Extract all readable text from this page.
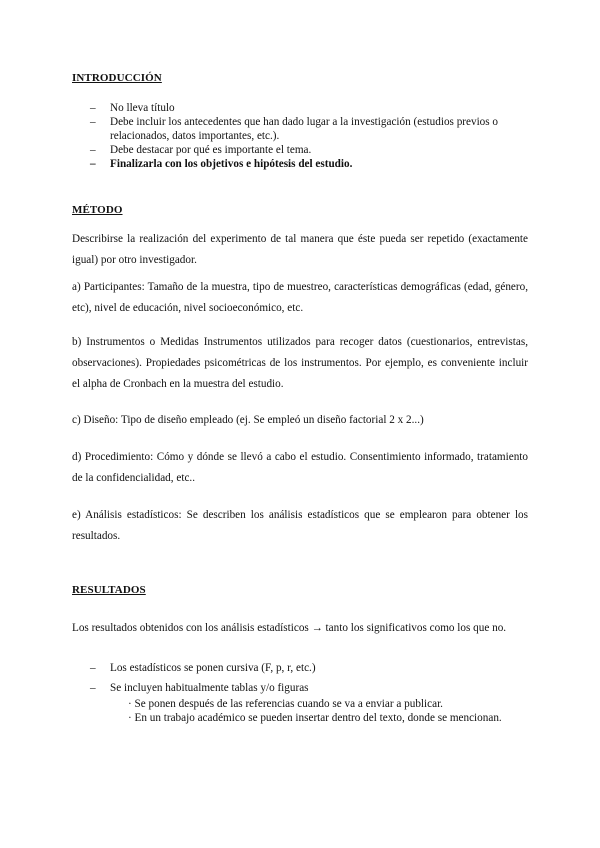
INTRODUCCIÓN
– No lleva título
– Debe incluir los antecedentes que han dado lugar a la investigación (estudios previos o relacionados, datos importantes, etc.).
– Debe destacar por qué es importante el tema.
– Finalizarla con los objetivos e hipótesis del estudio.
MÉTODO

Describirse la realización del experimento de tal manera que éste pueda ser repetido (exactamente igual) por otro investigador.

a) Participantes: Tamaño de la muestra, tipo de muestreo, características demográficas (edad, género, etc), nivel de educación, nivel socioeconómico, etc.

b) Instrumentos o Medidas Instrumentos utilizados para recoger datos (cuestionarios, entrevistas, observaciones). Propiedades psicométricas de los instrumentos. Por ejemplo, es conveniente incluir el alpha de Cronbach en la muestra del estudio.

c) Diseño: Tipo de diseño empleado (ej. Se empleó un diseño factorial 2 x 2...)

d) Procedimiento: Cómo y dónde se llevó a cabo el estudio. Consentimiento informado, tratamiento de la confidencialidad, etc..

e) Análisis estadísticos: Se describen los análisis estadísticos que se emplearon para obtener los resultados.

RESULTADOS

Los resultados obtenidos con los análisis estadísticos → tanto los significativos como los que no.

– Los estadísticos se ponen cursiva (F, p, r, etc.)
– Se incluyen habitualmente tablas y/o figuras
· Se ponen después de las referencias cuando se va a enviar a publicar.
· En un trabajo académico se pueden insertar dentro del texto, donde se mencionan.
